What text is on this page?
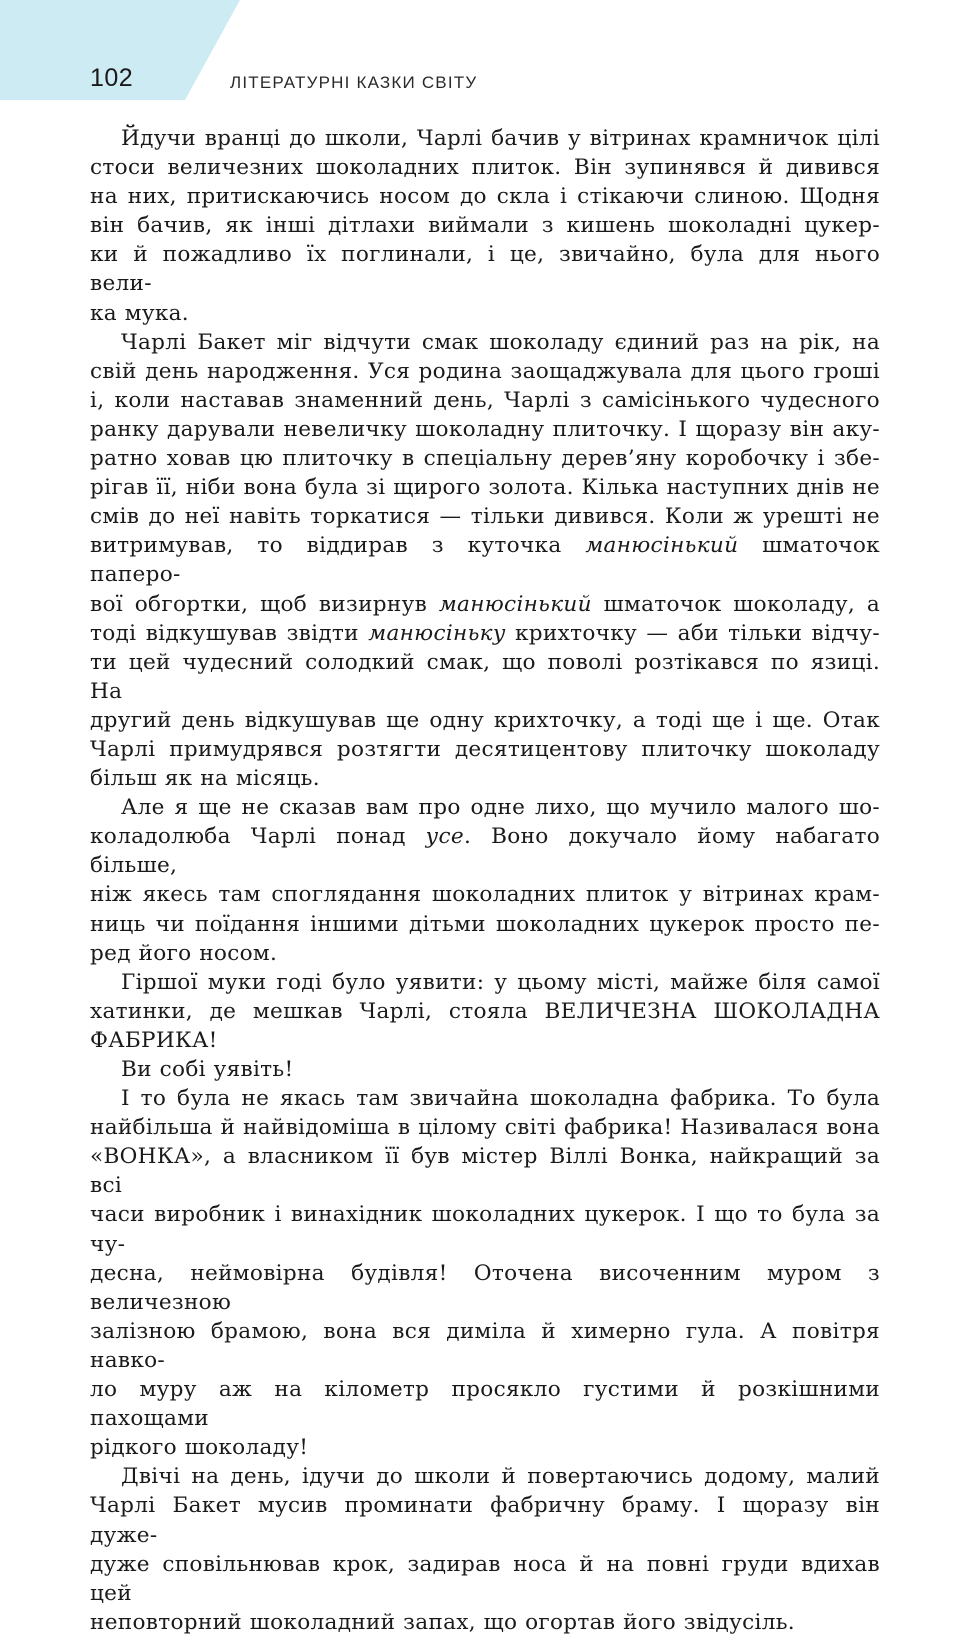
102	ЛІТЕРАТУРНІ КАЗКИ СВІТУ
Йдучи вранці до школи, Чарлі бачив у вітринах крамничок цілі
стоси величезних шоколадних плиток. Він зупинявся й дивився
на них, притискаючись носом до скла і стікаючи слиною. Щодня
він бачив, як інші дітлахи виймали з кишень шоколадні цукер-
ки й пожадливо їх поглинали, і це, звичайно, була для нього вели-
ка мука.
Чарлі Бакет міг відчути смак шоколаду єдиний раз на рік, на
свій день народження. Уся родина заощаджувала для цього гроші
і, коли наставав знаменний день, Чарлі з самісінького чудесного
ранку дарували невеличку шоколадну плиточку. І щоразу він аку-
ратно ховав цю плиточку в спеціальну дерев’яну коробочку і збе-
рігав її, ніби вона була зі щирого золота. Кілька наступних днів не
смів до неї навіть торкатися — тільки дивився. Коли ж урешті не
витримував, то віддирав з куточка манюсінький шматочок паперо-
вої обгортки, щоб визирнув манюсінький шматочок шоколаду, а
тоді відкушував звідти манюсіньку крихточку — аби тільки відчу-
ти цей чудесний солодкий смак, що поволі розтікався по язиці. На
другий день відкушував ще одну крихточку, а тоді ще і ще. Отак
Чарлі примудрявся розтягти десятицентову плиточку шоколаду
більш як на місяць.
Але я ще не сказав вам про одне лихо, що мучило малого шо-
коладолюба Чарлі понад усе. Воно докучало йому набагато більше,
ніж якесь там споглядання шоколадних плиток у вітринах крам-
ниць чи поїдання іншими дітьми шоколадних цукерок просто пе-
ред його носом.
Гіршої муки годі було уявити: у цьому місті, майже біля самої
хатинки, де мешкав Чарлі, стояла ВЕЛИЧЕЗНА ШОКОЛАДНА
ФАБРИКА!
Ви собі уявіть!
І то була не якась там звичайна шоколадна фабрика. То була
найбільша й найвідоміша в цілому світі фабрика! Називалася вона
«ВОНКА», а власником її був містер Віллі Вонка, найкращий за всі
часи виробник і винахідник шоколадних цукерок. І що то була за чу-
десна, неймовірна будівля! Оточена височенним муром з величезною
залізною брамою, вона вся диміла й химерно гула. А повітря навко-
ло муру аж на кілометр просякло густими й розкішними пахощами
рідкого шоколаду!
Двічі на день, ідучи до школи й повертаючись додому, малий
Чарлі Бакет мусив проминати фабричну браму. І щоразу він дуже-
дуже сповільнював крок, задирав носа й на повні груди вдихав цей
неповторний шоколадний запах, що огортав його звідусіль.
